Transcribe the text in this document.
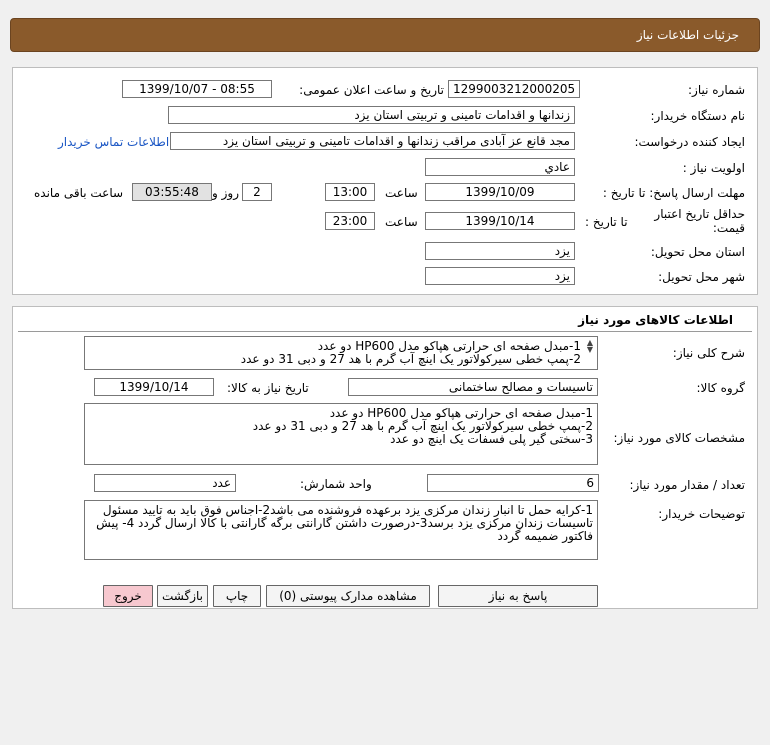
جزئیات اطلاعات نیاز
شماره نیاز:
1299003212000205
تاریخ و ساعت اعلان عمومی:
1399/10/07 - 08:55
نام دستگاه خریدار:
زندانها و اقدامات تامینی و تربیتی استان یزد
ایجاد کننده درخواست:
مجد قانع عز آبادی مراقب زندانها و اقدامات تامینی و تربیتی استان یزد
اطلاعات تماس خریدار
اولویت نیاز :
عادي
مهلت ارسال پاسخ: تا تاریخ :
1399/10/09
ساعت
13:00
2
روز و
03:55:48
ساعت باقی مانده
حداقل تاریخ اعتبار
قیمت:
تا تاریخ :
1399/10/14
ساعت
23:00
استان محل تحویل:
یزد
شهر محل تحویل:
یزد
اطلاعات کالاهای مورد نیاز
شرح کلی نیاز:
1-مبدل صفحه ای حرارتی هپاکو مدل HP600 دو عدد
2-پمپ خطی سیرکولاتور یک اینچ آب گرم با هد 27 و دبی 31 دو عدد
▲
▼
گروه کالا:
تاسیسات و مصالح ساختمانی
تاریخ نیاز به کالا:
1399/10/14
مشخصات کالای مورد نیاز:
1-مبدل صفحه ای حرارتی هپاکو مدل HP600 دو عدد
2-پمپ خطی سیرکولاتور یک اینچ آب گرم با هد 27 و دبی 31 دو عدد
3-سختی گیر پلی فسفات یک اینچ دو عدد
تعداد / مقدار مورد نیاز:
6
واحد شمارش:
عدد
توضیحات خریدار:
1-کرایه حمل تا انبار زندان مرکزی یزد برعهده فروشنده می باشد2-اجناس فوق باید به تایید مسئول تاسیسات زندان مرکزی یزد برسد3-درصورت داشتن گارانتی برگه گارانتی با کالا ارسال گردد 4- پیش فاکتور ضمیمه گردد
پاسخ به نیاز
مشاهده مدارک پیوستی (0)
چاپ
بازگشت
خروج
